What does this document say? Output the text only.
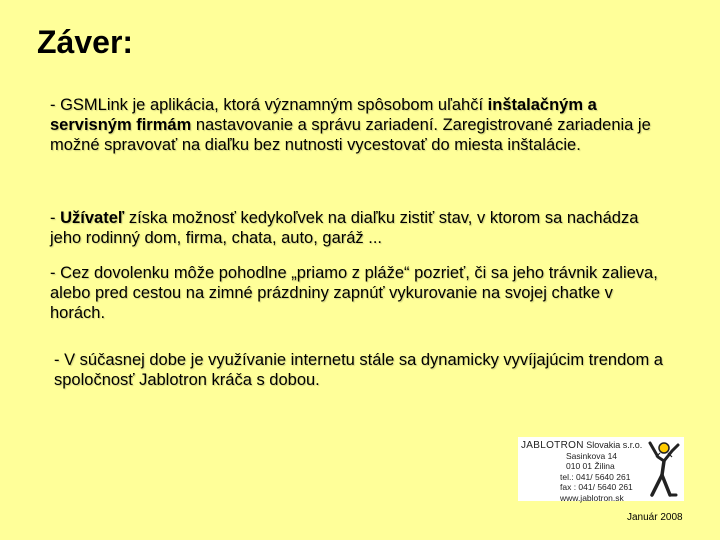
Záver:

- GSMLink je aplikácia, ktorá významným spôsobom uľahčí inštalačným a servisným firmám nastavovanie a správu zariadení. Zaregistrované zariadenia je možné spravovať na diaľku bez nutnosti vycestovať do miesta inštalácie.

- Užívateľ získa možnosť kedykoľvek na diaľku zistiť stav, v ktorom sa nachádza jeho rodinný dom, firma, chata, auto, garáž ...

- Cez dovolenku môže pohodlne „priamo z pláže“ pozrieť, či sa jeho trávnik zalieva, alebo pred cestou na zimné prázdniny zapnúť vykurovanie na svojej chatke v horách.

- V súčasnej dobe je využívanie internetu stále sa dynamicky vyvíjajúcim trendom a spoločnosť Jablotron kráča s dobou.

JABLOTRON Slovakia s.r.o.
Sasinkova 14
010 01 Žilina
tel.: 041/ 5640 261
fax : 041/ 5640 261
www.jablotron.sk
Január 2008
